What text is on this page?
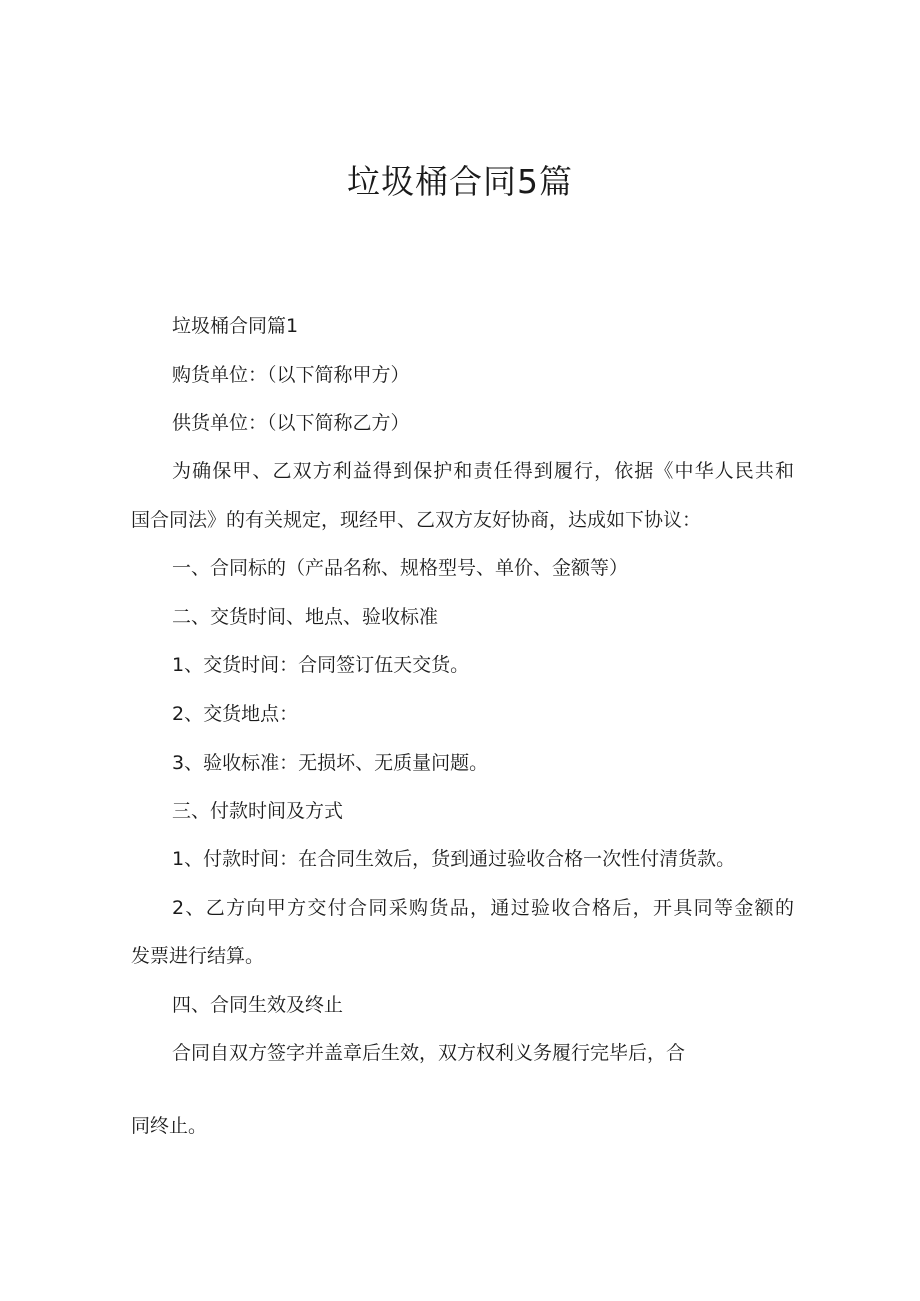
垃圾桶合同5篇

垃圾桶合同篇1

购货单位：（以下简称甲方）

供货单位：（以下简称乙方）

为确保甲、乙双方利益得到保护和责任得到履行，依据《中华人民共和

国合同法》的有关规定，现经甲、乙双方友好协商，达成如下协议：

一、合同标的（产品名称、规格型号、单价、金额等）

二、交货时间、地点、验收标准

1、交货时间：合同签订伍天交货。

2、交货地点：

3、验收标准：无损坏、无质量问题。

三、付款时间及方式

1、付款时间：在合同生效后，货到通过验收合格一次性付清货款。

2、乙方向甲方交付合同采购货品，通过验收合格后，开具同等金额的

发票进行结算。

四、合同生效及终止

合同自双方签字并盖章后生效，双方权利义务履行完毕后，合

同终止。
